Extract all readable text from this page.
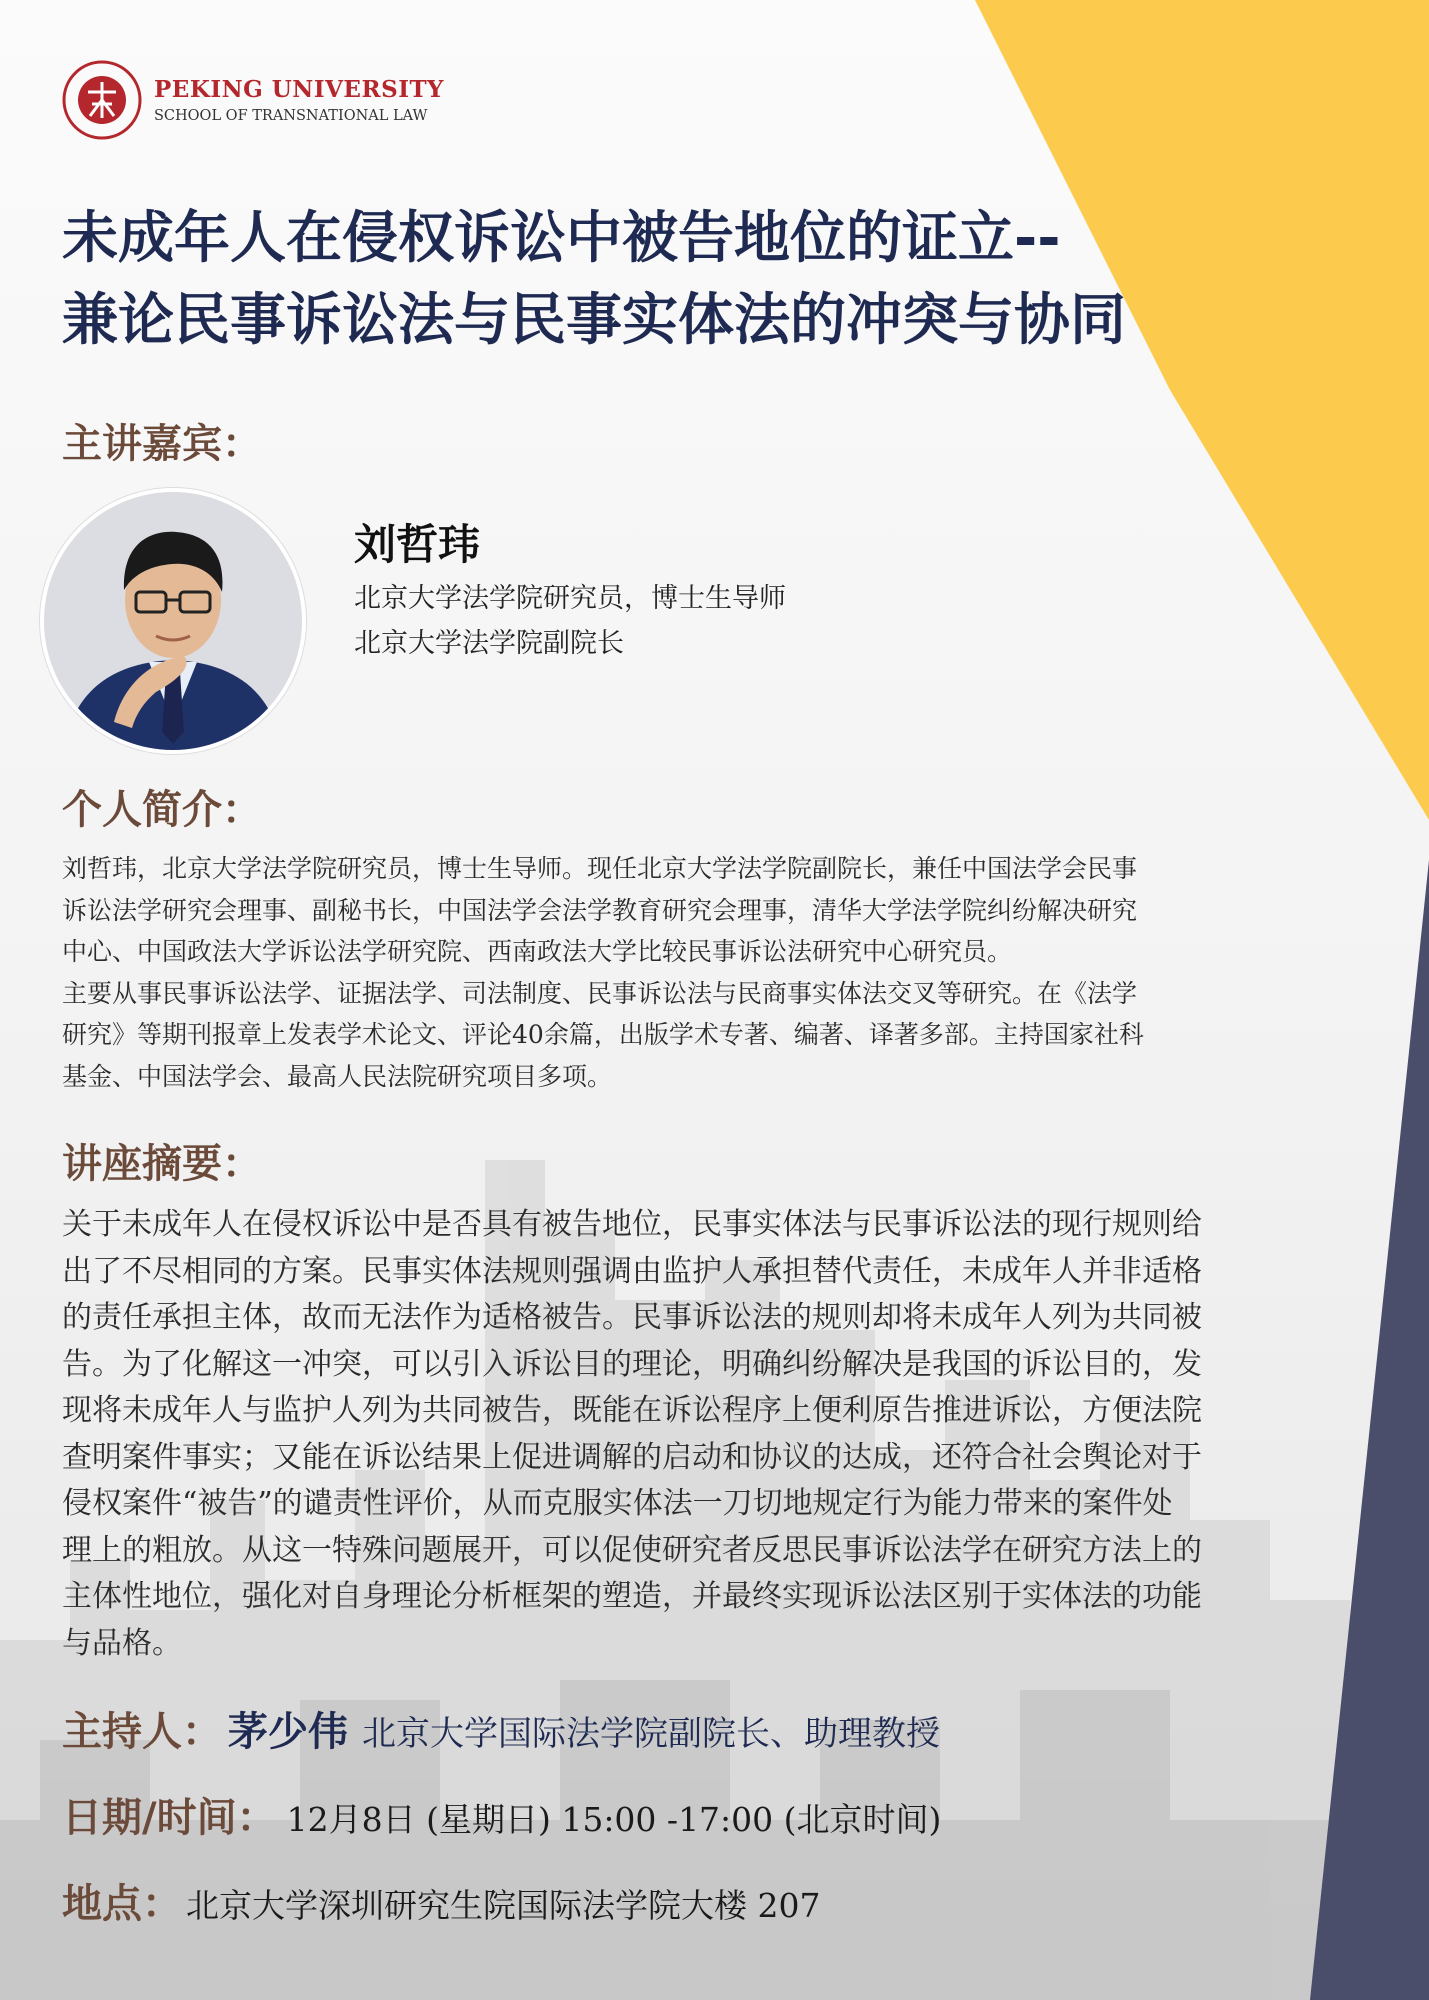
PEKING UNIVERSITY
SCHOOL OF TRANSNATIONAL LAW
未成年人在侵权诉讼中被告地位的证立--
兼论民事诉讼法与民事实体法的冲突与协同
主讲嘉宾：
刘哲玮
北京大学法学院研究员，博士生导师
北京大学法学院副院长
个人简介：

刘哲玮，北京大学法学院研究员，博士生导师。现任北京大学法学院副院长，兼任中国法学会民事
诉讼法学研究会理事、副秘书长，中国法学会法学教育研究会理事，清华大学法学院纠纷解决研究
中心、中国政法大学诉讼法学研究院、西南政法大学比较民事诉讼法研究中心研究员。
主要从事民事诉讼法学、证据法学、司法制度、民事诉讼法与民商事实体法交叉等研究。在《法学
研究》等期刊报章上发表学术论文、评论40余篇，出版学术专著、编著、译著多部。主持国家社科
基金、中国法学会、最高人民法院研究项目多项。

讲座摘要：

关于未成年人在侵权诉讼中是否具有被告地位，民事实体法与民事诉讼法的现行规则给
出了不尽相同的方案。民事实体法规则强调由监护人承担替代责任，未成年人并非适格
的责任承担主体，故而无法作为适格被告。民事诉讼法的规则却将未成年人列为共同被
告。为了化解这一冲突，可以引入诉讼目的理论，明确纠纷解决是我国的诉讼目的，发
现将未成年人与监护人列为共同被告，既能在诉讼程序上便利原告推进诉讼，方便法院
查明案件事实；又能在诉讼结果上促进调解的启动和协议的达成，还符合社会舆论对于
侵权案件“被告”的谴责性评价，从而克服实体法一刀切地规定行为能力带来的案件处
理上的粗放。从这一特殊问题展开，可以促使研究者反思民事诉讼法学在研究方法上的
主体性地位，强化对自身理论分析框架的塑造，并最终实现诉讼法区别于实体法的功能
与品格。

主持人： 茅少伟 北京大学国际法学院副院长、助理教授
日期/时间： 12月8日 (星期日) 15:00 -17:00 (北京时间)
地点： 北京大学深圳研究生院国际法学院大楼 207
